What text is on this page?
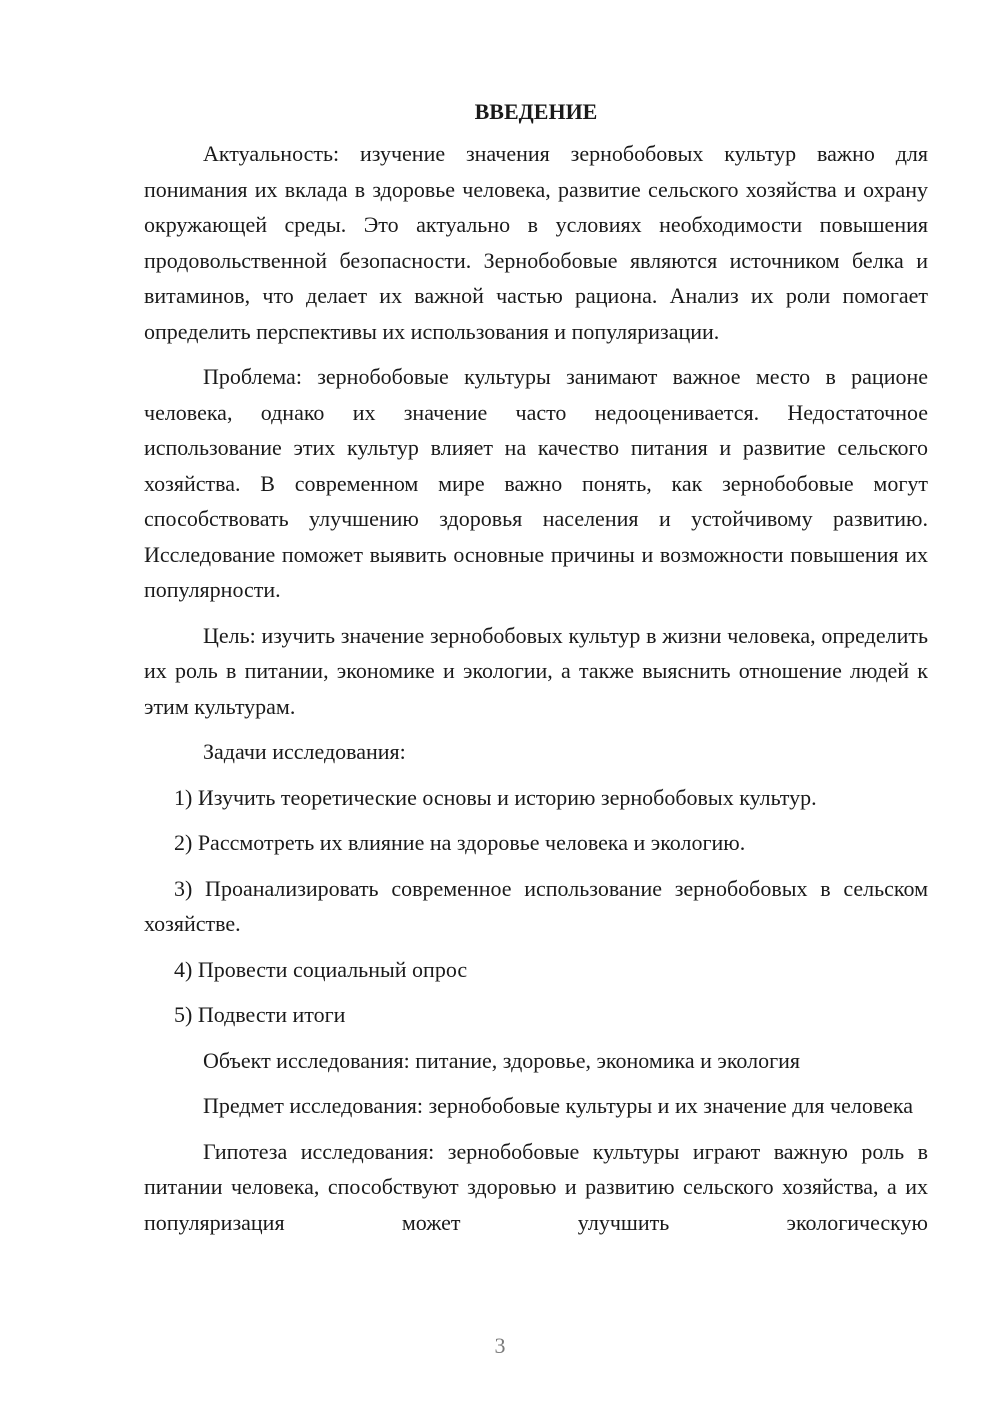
ВВЕДЕНИЕ

Актуальность: изучение значения зернобобовых культур важно для понимания их вклада в здоровье человека, развитие сельского хозяйства и охрану окружающей среды. Это актуально в условиях необходимости повышения продовольственной безопасности. Зернобобовые являются источником белка и витаминов, что делает их важной частью рациона. Анализ их роли помогает определить перспективы их использования и популяризации.

Проблема: зернобобовые культуры занимают важное место в рационе человека, однако их значение часто недооценивается. Недостаточное использование этих культур влияет на качество питания и развитие сельского хозяйства. В современном мире важно понять, как зернобобовые могут способствовать улучшению здоровья населения и устойчивому развитию. Исследование поможет выявить основные причины и возможности повышения их популярности.

Цель: изучить значение зернобобовых культур в жизни человека, определить их роль в питании, экономике и экологии, а также выяснить отношение людей к этим культурам.

Задачи исследования:

1) Изучить теоретические основы и историю зернобобовых культур.

2) Рассмотреть их влияние на здоровье человека и экологию.

3) Проанализировать современное использование зернобобовых в сельском хозяйстве.

4) Провести социальный опрос

5) Подвести итоги

Объект исследования: питание, здоровье, экономика и экология

Предмет исследования: зернобобовые культуры и их значение для человека

Гипотеза исследования: зернобобовые культуры играют важную роль в питании человека, способствуют здоровью и развитию сельского хозяйства, а их популяризация может улучшить экологическую

3
